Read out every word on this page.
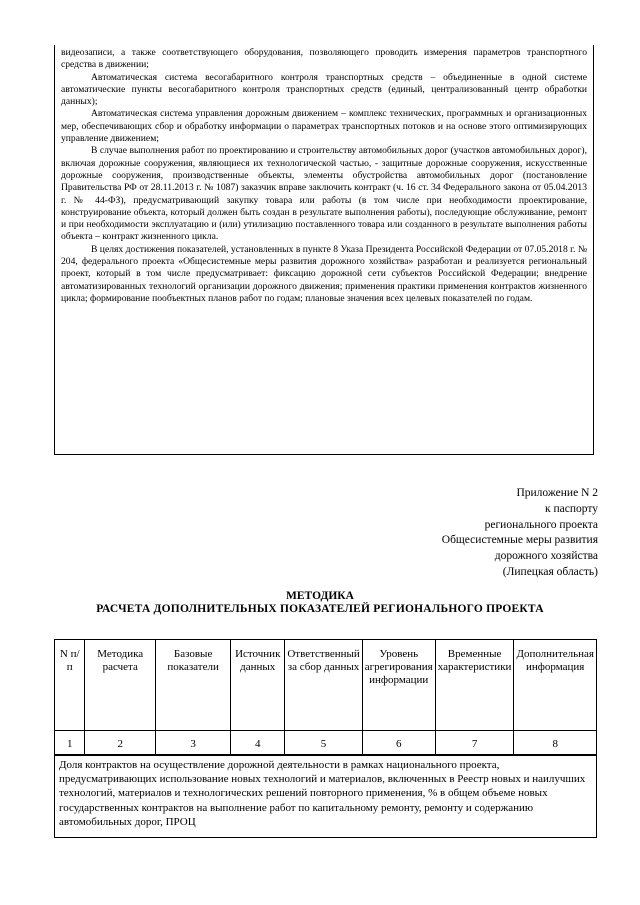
видеозаписи, а также соответствующего оборудования, позволяющего проводить измерения параметров транспортного средства в движении;

Автоматическая система весогабаритного контроля транспортных средств – объединенные в одной системе автоматические пункты весогабаритного контроля транспортных средств (единый, централизованный центр обработки данных);

Автоматическая система управления дорожным движением – комплекс технических, программных и организационных мер, обеспечивающих сбор и обработку информации о параметрах транспортных потоков и на основе этого оптимизирующих управление движением;

В случае выполнения работ по проектированию и строительству автомобильных дорог (участков автомобильных дорог), включая дорожные сооружения, являющиеся их технологической частью, - защитные дорожные сооружения, искусственные дорожные сооружения, производственные объекты, элементы обустройства автомобильных дорог (постановление Правительства РФ от 28.11.2013 г. № 1087) заказчик вправе заключить контракт (ч. 16 ст. 34 Федерального закона от 05.04.2013 г. № 44-ФЗ), предусматривающий закупку товара или работы (в том числе при необходимости проектирование, конструирование объекта, который должен быть создан в результате выполнения работы), последующие обслуживание, ремонт и при необходимости эксплуатацию и (или) утилизацию поставленного товара или созданного в результате выполнения работы объекта – контракт жизненного цикла.

В целях достижения показателей, установленных в пункте 8 Указа Президента Российской Федерации от 07.05.2018 г. № 204, федерального проекта «Общесистемные меры развития дорожного хозяйства» разработан и реализуется региональный проект, который в том числе предусматривает: фиксацию дорожной сети субъектов Российской Федерации; внедрение автоматизированных технологий организации дорожного движения; применения практики применения контрактов жизненного цикла; формирование пообъектных планов работ по годам; плановые значения всех целевых показателей по годам.

Приложение N 2
к паспорту
регионального проекта
Общесистемные меры развития
дорожного хозяйства
(Липецкая область)
МЕТОДИКА
РАСЧЕТА ДОПОЛНИТЕЛЬНЫХ ПОКАЗАТЕЛЕЙ РЕГИОНАЛЬНОГО ПРОЕКТА
N п/п	Методика расчета	Базовые показатели	Источник данных	Ответственный за сбор данных	Уровень агрегирования информации	Временные характеристики	Дополнительная информация
1	2	3	4	5	6	7	8
Доля контрактов на осуществление дорожной деятельности в рамках национального проекта, предусматривающих использование новых технологий и материалов, включенных в Реестр новых и наилучших технологий, материалов и технологических решений повторного применения, % в общем объеме новых государственных контрактов на выполнение работ по капитальному ремонту, ремонту и содержанию автомобильных дорог, ПРОЦ
